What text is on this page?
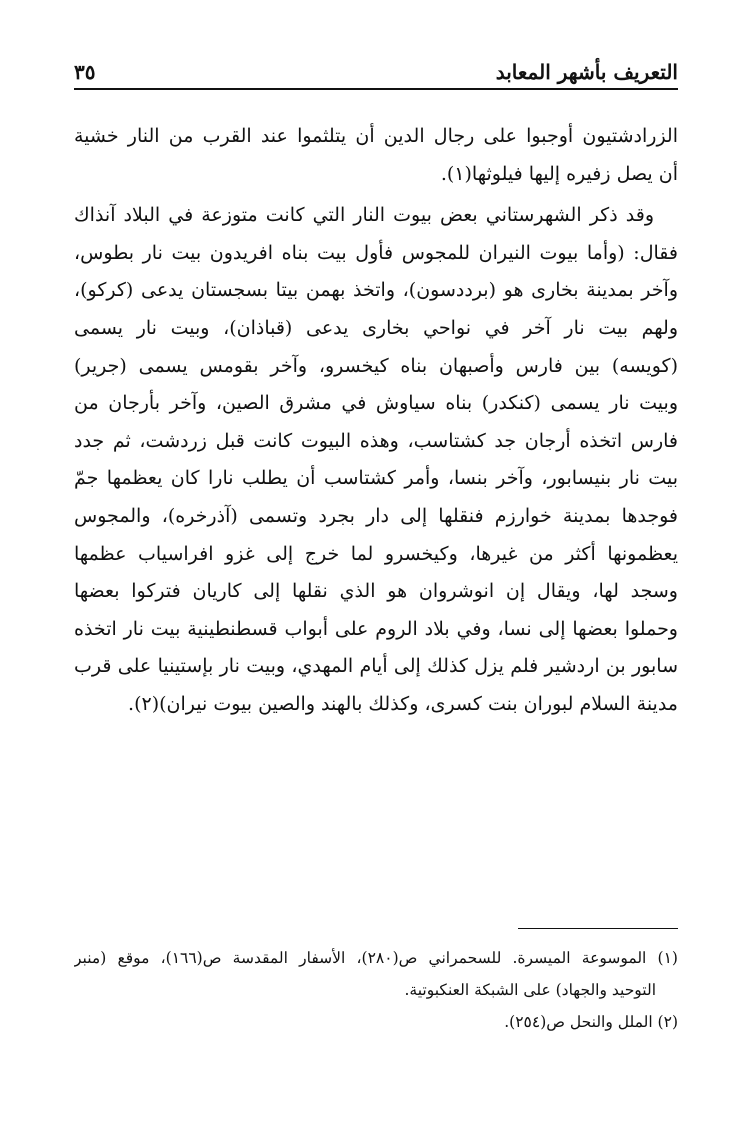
التعريف بأشهر المعابد
٣٥
الزرادشتيون أوجبوا على رجال الدين أن يتلثموا عند القرب من النار خشية
أن يصل زفيره إليها فيلوثها(١).
وقد ذكر الشهرستاني بعض بيوت النار التي كانت متوزعة في البلاد آنذاك
فقال: (وأما بيوت النيران للمجوس فأول بيت بناه افريدون بيت نار بطوس،
وآخر بمدينة بخارى هو (برددسون)، واتخذ بهمن بيتا بسجستان يدعى (كركو)،
ولهم بيت نار آخر في نواحي بخارى يدعى (قباذان)، وبيت نار يسمى
(كويسه) بين فارس وأصبهان بناه كيخسرو، وآخر بقومس يسمى (جرير)
وبيت نار يسمى (كنكدر) بناه سياوش في مشرق الصين، وآخر بأرجان من
فارس اتخذه أرجان جد كشتاسب، وهذه البيوت كانت قبل زردشت، ثم جدد
بيت نار بنيسابور، وآخر بنسا، وأمر كشتاسب أن يطلب نارا كان يعظمها جمّ
فوجدها بمدينة خوارزم فنقلها إلى دار بجرد وتسمى (آذرخره)، والمجوس
يعظمونها أكثر من غيرها، وكيخسرو لما خرج إلى غزو افراسياب عظمها
وسجد لها، ويقال إن انوشروان هو الذي نقلها إلى كاريان فتركوا بعضها
وحملوا بعضها إلى نسا، وفي بلاد الروم على أبواب قسطنطينية بيت نار اتخذه
سابور بن اردشير فلم يزل كذلك إلى أيام المهدي، وبيت نار بإستينيا على قرب
مدينة السلام لبوران بنت كسرى، وكذلك بالهند والصين بيوت نيران)(٢).
(١) الموسوعة الميسرة. للسحمراني ص(٢٨٠)، الأسفار المقدسة ص(١٦٦)، موقع (منبر
التوحيد والجهاد) على الشبكة العنكبوتية.
(٢) الملل والنحل ص(٢٥٤).
